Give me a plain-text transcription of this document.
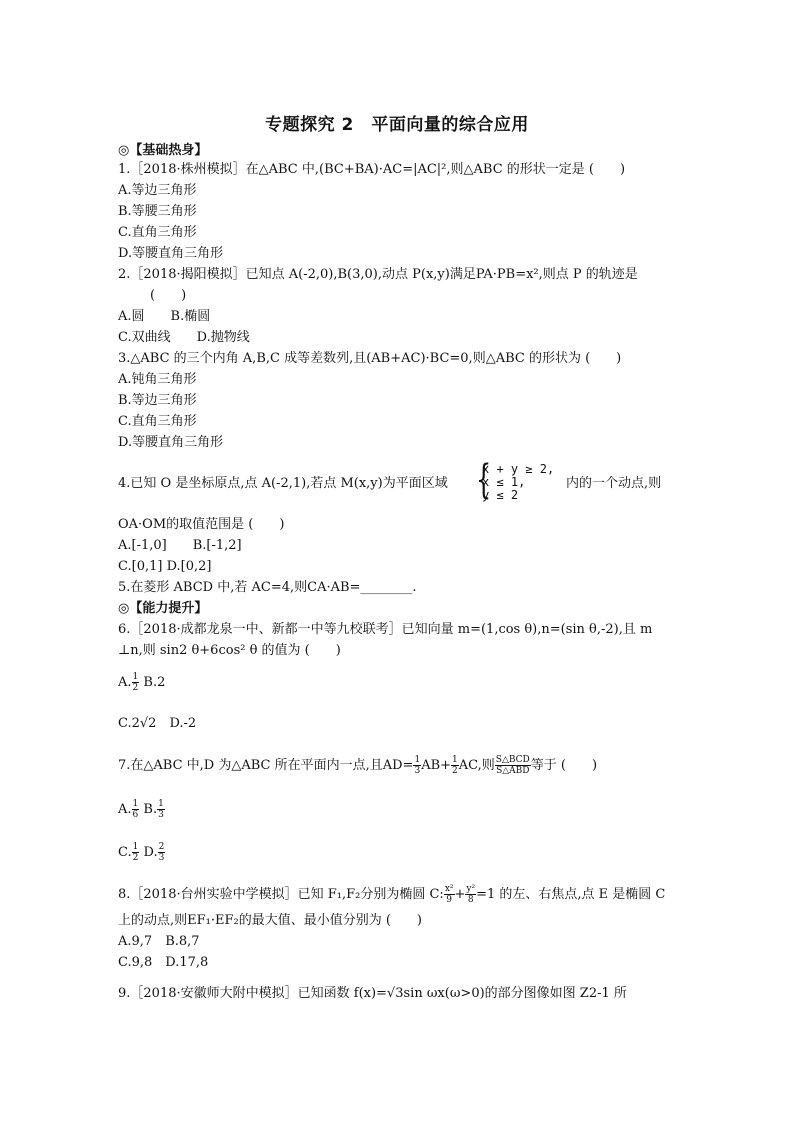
专题探究 2　平面向量的综合应用
◎【基础热身】
1.［2018·株州模拟］在△ABC 中,(BC+BA)·AC=|AC|²,则△ABC 的形状一定是 (　　)
A.等边三角形
B.等腰三角形
C.直角三角形
D.等腰直角三角形
2.［2018·揭阳模拟］已知点 A(-2,0),B(3,0),动点 P(x,y)满足PA·PB=x²,则点 P 的轨迹是
(　　)
A.圆　　B.椭圆
C.双曲线　　D.抛物线
3.△ABC 的三个内角 A,B,C 成等差数列,且(AB+AC)·BC=0,则△ABC 的形状为 (　　)
A.钝角三角形
B.等边三角形
C.直角三角形
D.等腰直角三角形
4.已知 O 是坐标原点,点 A(-2,1),若点 M(x,y)为平面区域 {
x + y ≥ 2,
x ≤ 1,
y ≤ 2
内的一个动点,则
OA·OM的取值范围是 (　　)
A.[-1,0]　　B.[-1,2]
C.[0,1] D.[0,2]
5.在菱形 ABCD 中,若 AC=4,则CA·AB=________.
◎【能力提升】
6.［2018·成都龙泉一中、新都一中等九校联考］已知向量 m=(1,cos θ),n=(sin θ,-2),且 m
⊥n,则 sin2 θ+6cos² θ 的值为 (　　)
A. $\frac{1}{2} B.2$
C.2√2　D.-2
7.在△ABC 中,D 为△ABC 所在平面内一点,且$AD= \frac{1}{3} AB+ \frac{1}{2}$ AC,则 S△BCD
S△ABD 等于 (　　)
A. $\frac{1}{6} B$. $\frac{1}{3}$
C. $\frac{1}{2} D$. $\frac{2}{3}$
8.［2018·台州实验中学模拟］已知 F₁,F₂分别为椭圆 C: $\frac{\text{x²}}{9} + \frac{\text{y²}}{8} =1$ 的左、右焦点,点 E 是椭圆 C
上的动点,则EF₁·EF₂的最大值、最小值分别为 (　　)
A.9,7　B.8,7
C.9,8　D.17,8
9.［2018·安徽师大附中模拟］已知函数 f(x)=√3sin ωx(ω>0)的部分图像如图 Z2-1 所
